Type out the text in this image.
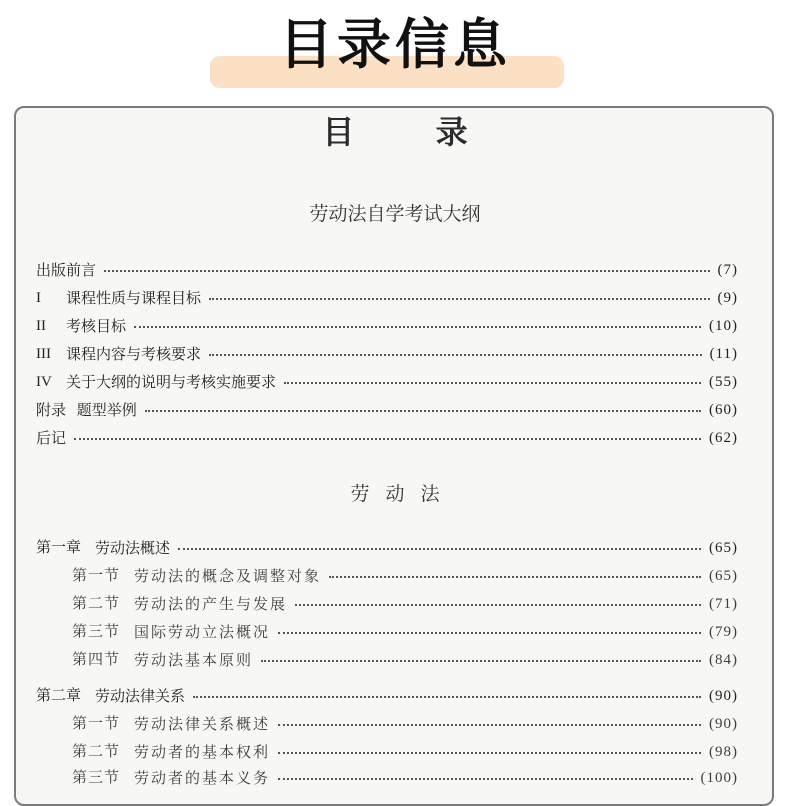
目录信息
目 录
劳动法自学考试大纲
出版前言	(7)
I	课程性质与课程目标	(9)
II	考核目标	(10)
III	课程内容与考核要求	(11)
IV 关于大纲的说明与考核实施要求	(55)
附录 题型举例	(60)
后记	(62)
劳 动 法
第一章 劳动法概述	(65)
第一节 劳动法的概念及调整对象	(65)
第二节 劳动法的产生与发展	(71)
第三节 国际劳动立法概况	(79)
第四节 劳动法基本原则	(84)
第二章 劳动法律关系	(90)
第一节 劳动法律关系概述	(90)
第二节 劳动者的基本权利	(98)
第三节 劳动者的基本义务	(100)
